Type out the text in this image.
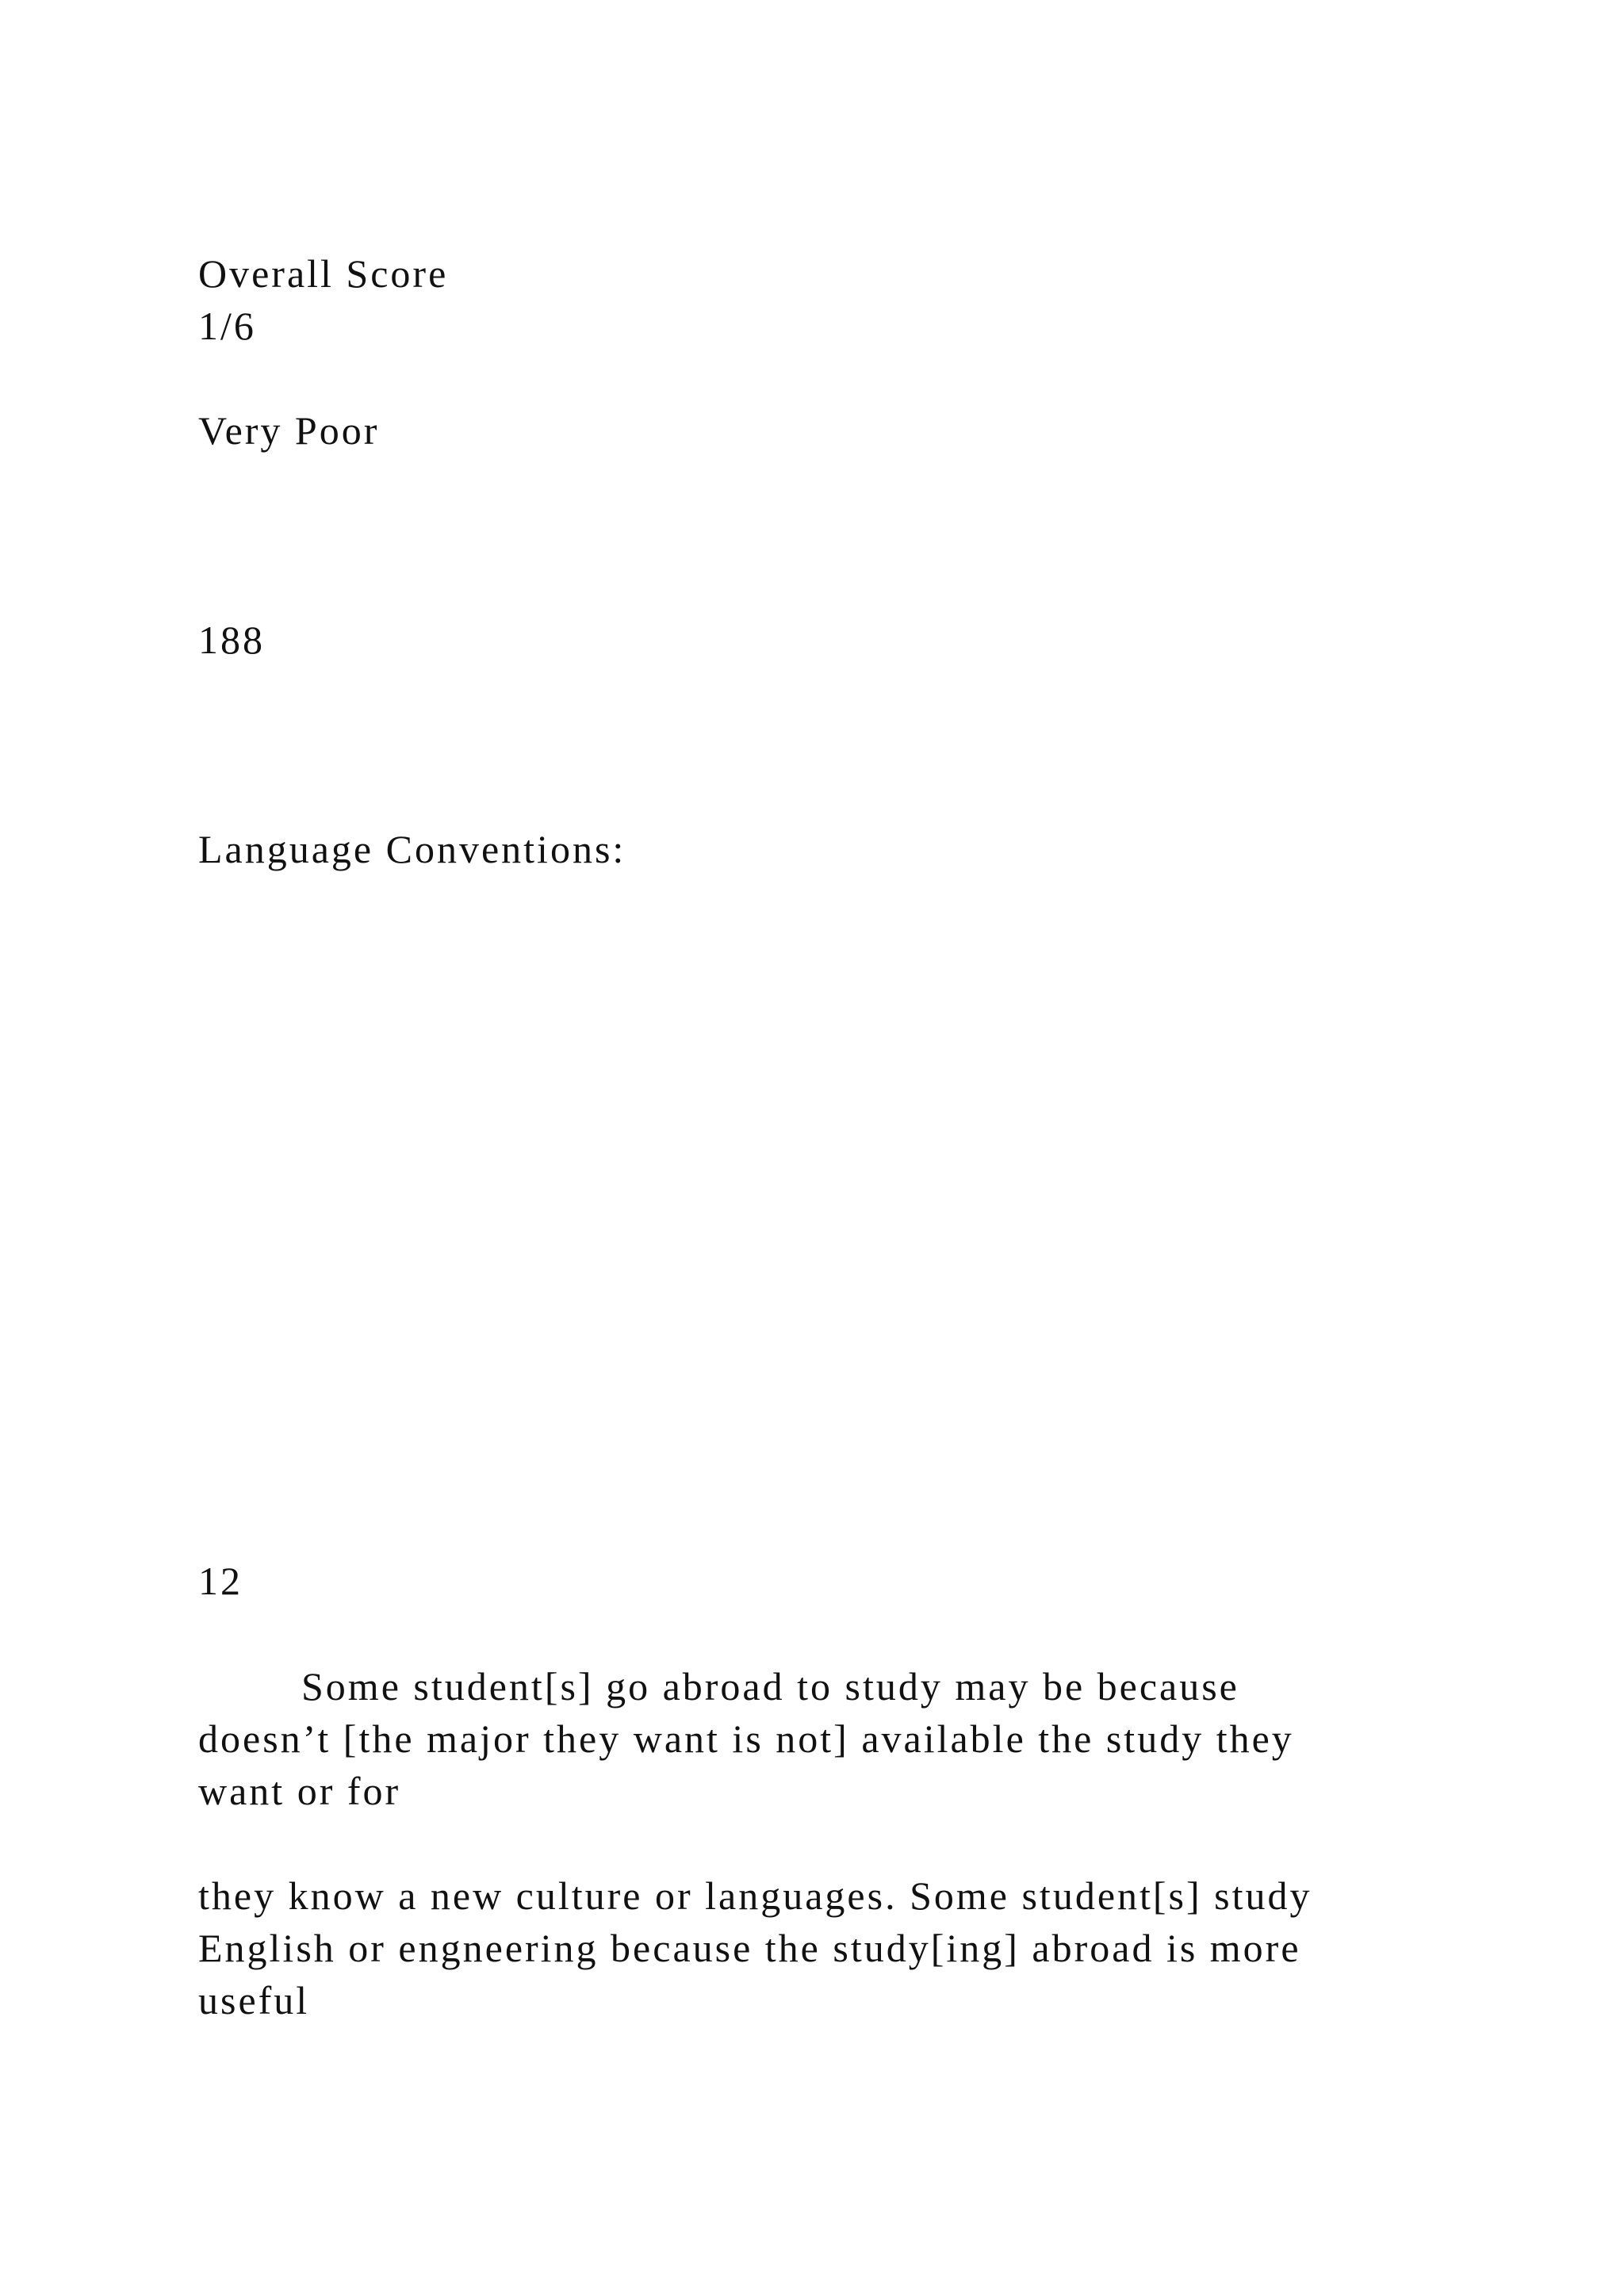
Overall Score

1/6

Very Poor

188

Language Conventions:

12

Some student[s] go abroad to study may be because
doesn’t [the major they want is not] available the study they
want or for
they know a new culture or languages. Some student[s] study
English or engneering because the study[ing] abroad is more
useful
